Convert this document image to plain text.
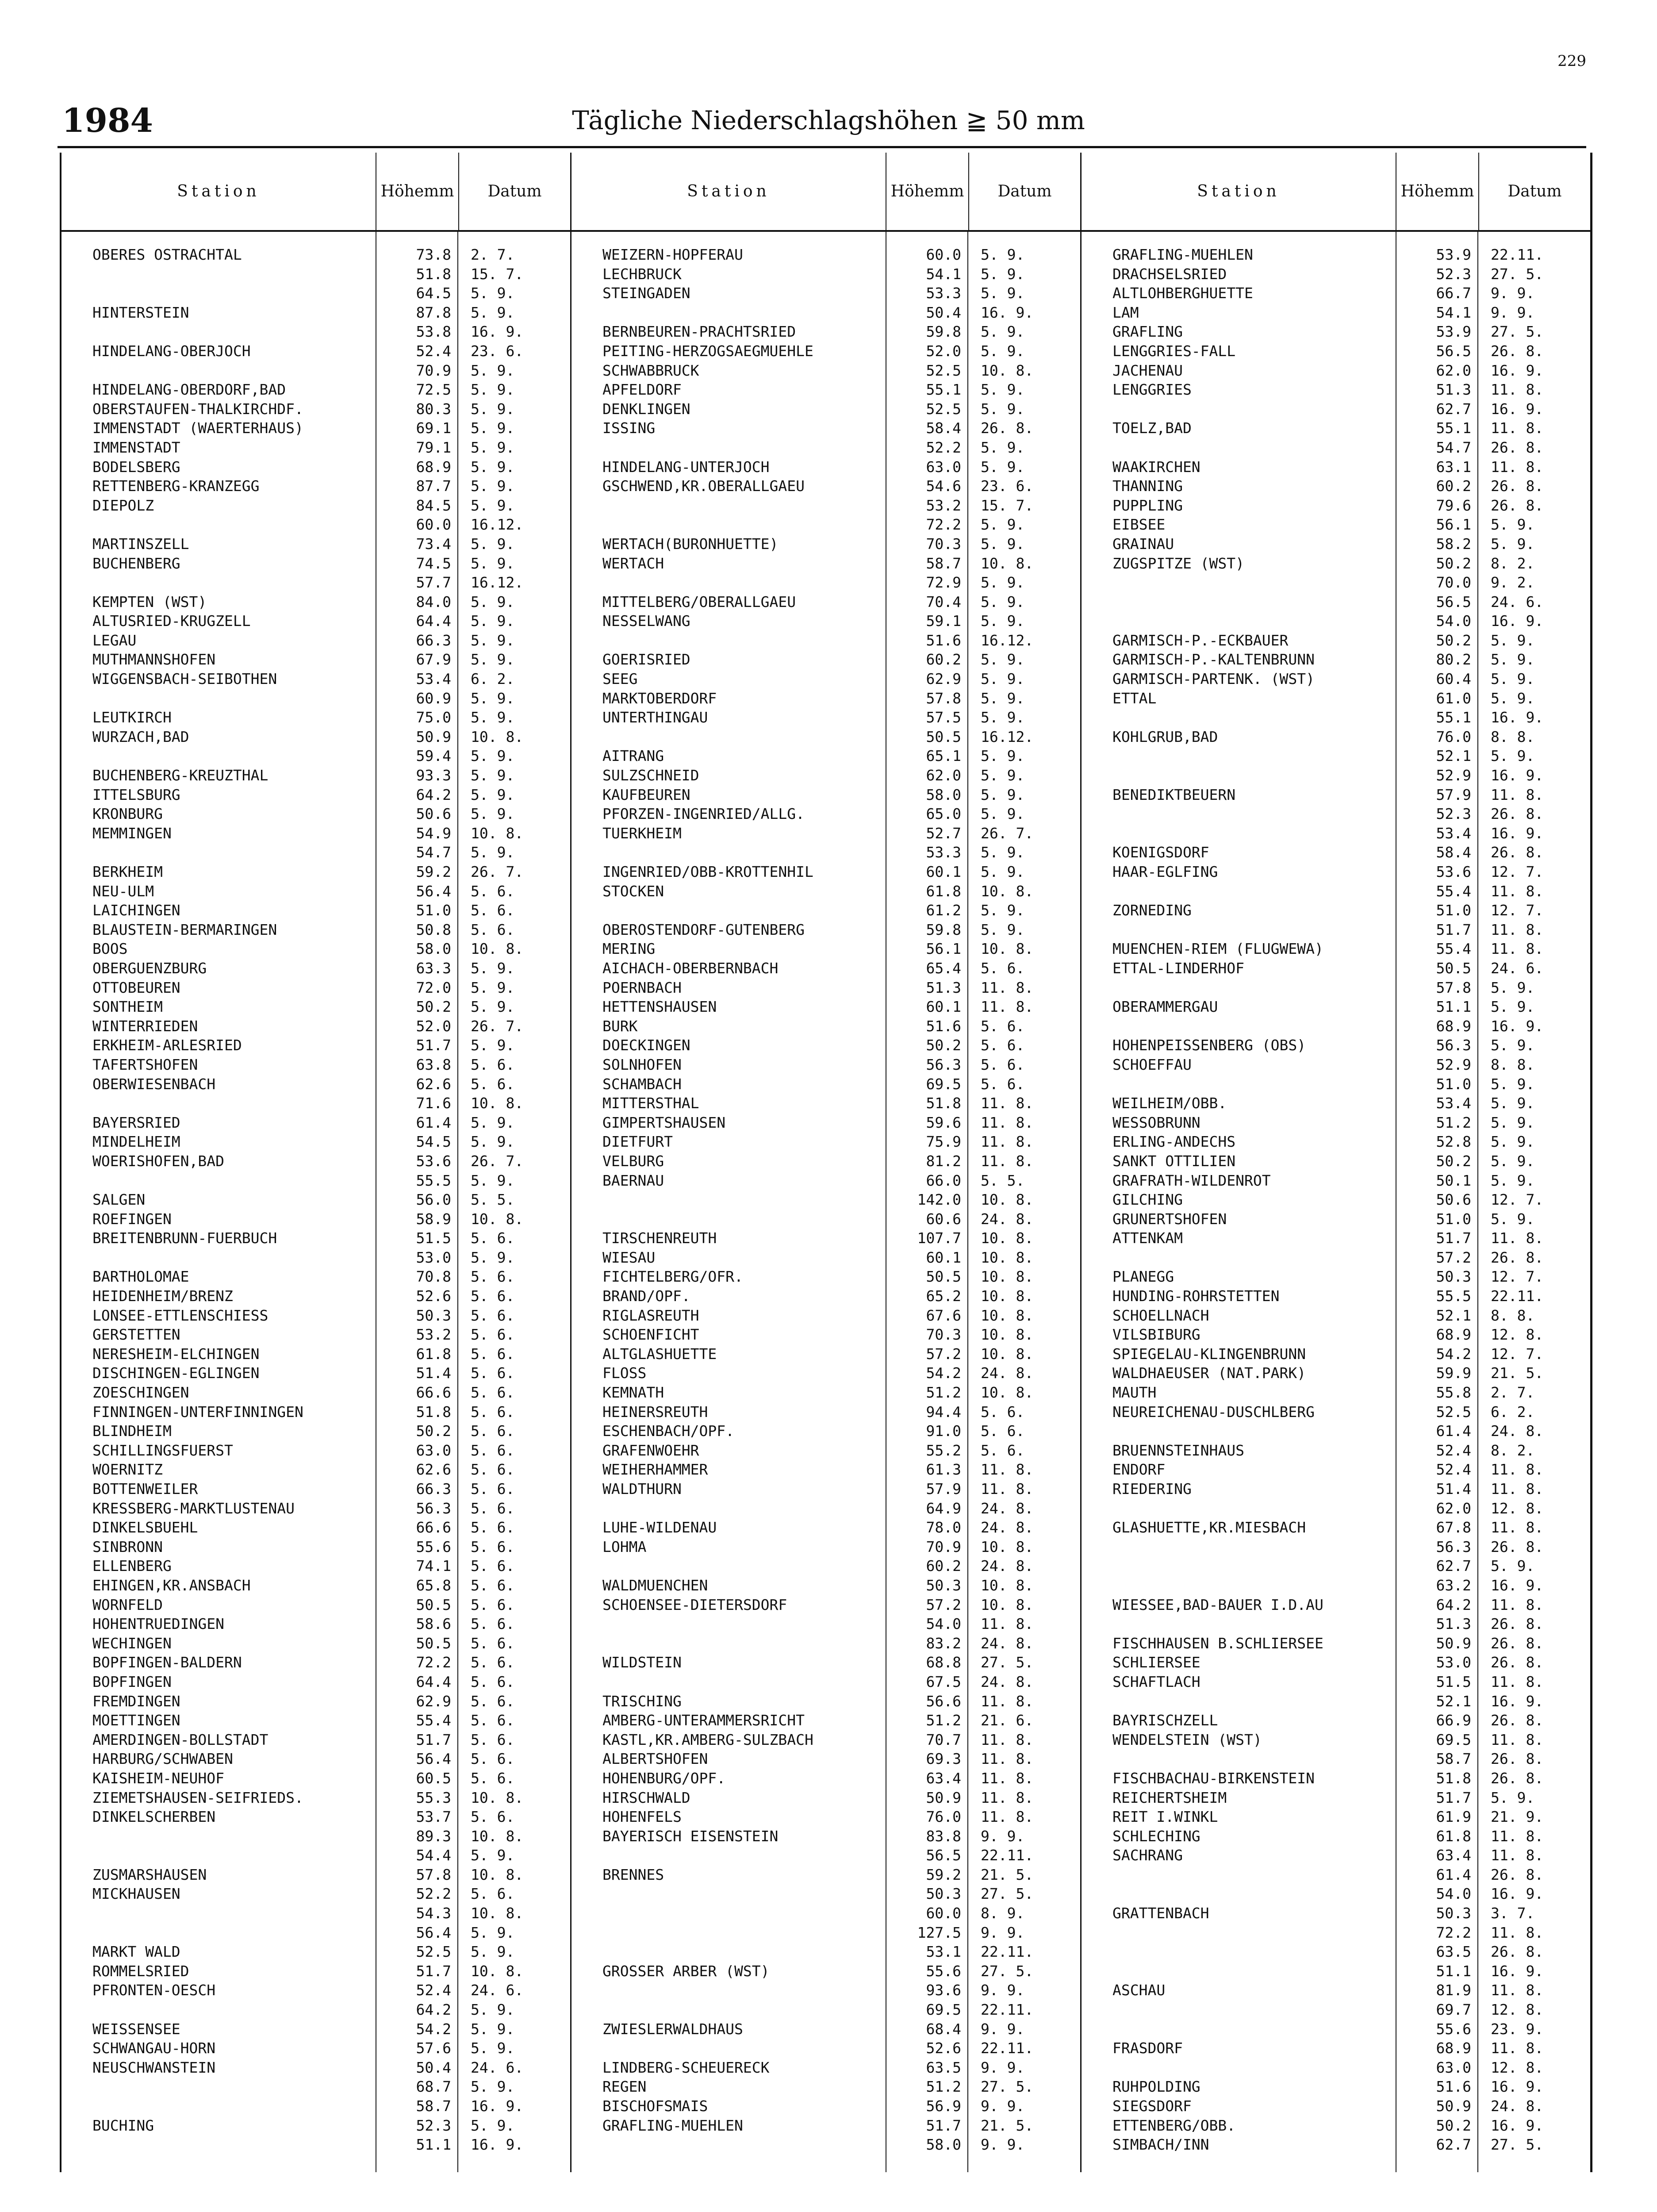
229
1984	Tägliche Niederschlagshöhen ≧ 50 mm
Station	Höhe mm	Datum
OBERES OSTRACHTAL	73.8	2. 7.
51.8	15. 7.
64.5	5. 9.
HINTERSTEIN	87.8	5. 9.
53.8	16. 9.
HINDELANG-OBERJOCH	52.4	23. 6.
70.9	5. 9.
HINDELANG-OBERDORF,BAD	72.5	5. 9.
OBERSTAUFEN-THALKIRCHDF.	80.3	5. 9.
IMMENSTADT (WAERTERHAUS)	69.1	5. 9.
IMMENSTADT	79.1	5. 9.
BODELSBERG	68.9	5. 9.
RETTENBERG-KRANZEGG	87.7	5. 9.
DIEPOLZ	84.5	5. 9.
60.0	16.12.
MARTINSZELL	73.4	5. 9.
BUCHENBERG	74.5	5. 9.
57.7	16.12.
KEMPTEN (WST)	84.0	5. 9.
ALTUSRIED-KRUGZELL	64.4	5. 9.
LEGAU	66.3	5. 9.
MUTHMANNSHOFEN	67.9	5. 9.
WIGGENSBACH-SEIBOTHEN	53.4	6. 2.
60.9	5. 9.
LEUTKIRCH	75.0	5. 9.
WURZACH,BAD	50.9	10. 8.
59.4	5. 9.
BUCHENBERG-KREUZTHAL	93.3	5. 9.
ITTELSBURG	64.2	5. 9.
KRONBURG	50.6	5. 9.
MEMMINGEN	54.9	10. 8.
54.7	5. 9.
BERKHEIM	59.2	26. 7.
NEU-ULM	56.4	5. 6.
LAICHINGEN	51.0	5. 6.
BLAUSTEIN-BERMARINGEN	50.8	5. 6.
BOOS	58.0	10. 8.
OBERGUENZBURG	63.3	5. 9.
OTTOBEUREN	72.0	5. 9.
SONTHEIM	50.2	5. 9.
WINTERRIEDEN	52.0	26. 7.
ERKHEIM-ARLESRIED	51.7	5. 9.
TAFERTSHOFEN	63.8	5. 6.
OBERWIESENBACH	62.6	5. 6.
71.6	10. 8.
BAYERSRIED	61.4	5. 9.
MINDELHEIM	54.5	5. 9.
WOERISHOFEN,BAD	53.6	26. 7.
55.5	5. 9.
SALGEN	56.0	5. 5.
ROEFINGEN	58.9	10. 8.
BREITENBRUNN-FUERBUCH	51.5	5. 6.
53.0	5. 9.
BARTHOLOMAE	70.8	5. 6.
HEIDENHEIM/BRENZ	52.6	5. 6.
LONSEE-ETTLENSCHIESS	50.3	5. 6.
GERSTETTEN	53.2	5. 6.
NERESHEIM-ELCHINGEN	61.8	5. 6.
DISCHINGEN-EGLINGEN	51.4	5. 6.
ZOESCHINGEN	66.6	5. 6.
FINNINGEN-UNTERFINNINGEN	51.8	5. 6.
BLINDHEIM	50.2	5. 6.
SCHILLINGSFUERST	63.0	5. 6.
WOERNITZ	62.6	5. 6.
BOTTENWEILER	66.3	5. 6.
KRESSBERG-MARKTLUSTENAU	56.3	5. 6.
DINKELSBUEHL	66.6	5. 6.
SINBRONN	55.6	5. 6.
ELLENBERG	74.1	5. 6.
EHINGEN,KR.ANSBACH	65.8	5. 6.
WORNFELD	50.5	5. 6.
HOHENTRUEDINGEN	58.6	5. 6.
WECHINGEN	50.5	5. 6.
BOPFINGEN-BALDERN	72.2	5. 6.
BOPFINGEN	64.4	5. 6.
FREMDINGEN	62.9	5. 6.
MOETTINGEN	55.4	5. 6.
AMERDINGEN-BOLLSTADT	51.7	5. 6.
HARBURG/SCHWABEN	56.4	5. 6.
KAISHEIM-NEUHOF	60.5	5. 6.
ZIEMETSHAUSEN-SEIFRIEDS.	55.3	10. 8.
DINKELSCHERBEN	53.7	5. 6.
89.3	10. 8.
54.4	5. 9.
ZUSMARSHAUSEN	57.8	10. 8.
MICKHAUSEN	52.2	5. 6.
54.3	10. 8.
56.4	5. 9.
MARKT WALD	52.5	5. 9.
ROMMELSRIED	51.7	10. 8.
PFRONTEN-OESCH	52.4	24. 6.
64.2	5. 9.
WEISSENSEE	54.2	5. 9.
SCHWANGAU-HORN	57.6	5. 9.
NEUSCHWANSTEIN	50.4	24. 6.
68.7	5. 9.
58.7	16. 9.
BUCHING	52.3	5. 9.
51.1	16. 9.
Station	Höhe mm	Datum
WEIZERN-HOPFERAU	60.0	5. 9.
LECHBRUCK	54.1	5. 9.
STEINGADEN	53.3	5. 9.
50.4	16. 9.
BERNBEUREN-PRACHTSRIED	59.8	5. 9.
PEITING-HERZOGSAEGMUEHLE	52.0	5. 9.
SCHWABBRUCK	52.5	10. 8.
APFELDORF	55.1	5. 9.
DENKLINGEN	52.5	5. 9.
ISSING	58.4	26. 8.
52.2	5. 9.
HINDELANG-UNTERJOCH	63.0	5. 9.
GSCHWEND,KR.OBERALLGAEU	54.6	23. 6.
53.2	15. 7.
72.2	5. 9.
WERTACH(BURONHUETTE)	70.3	5. 9.
WERTACH	58.7	10. 8.
72.9	5. 9.
MITTELBERG/OBERALLGAEU	70.4	5. 9.
NESSELWANG	59.1	5. 9.
51.6	16.12.
GOERISRIED	60.2	5. 9.
SEEG	62.9	5. 9.
MARKTOBERDORF	57.8	5. 9.
UNTERTHINGAU	57.5	5. 9.
50.5	16.12.
AITRANG	65.1	5. 9.
SULZSCHNEID	62.0	5. 9.
KAUFBEUREN	58.0	5. 9.
PFORZEN-INGENRIED/ALLG.	65.0	5. 9.
TUERKHEIM	52.7	26. 7.
53.3	5. 9.
INGENRIED/OBB-KROTTENHIL	60.1	5. 9.
STOCKEN	61.8	10. 8.
61.2	5. 9.
OBEROSTENDORF-GUTENBERG	59.8	5. 9.
MERING	56.1	10. 8.
AICHACH-OBERBERNBACH	65.4	5. 6.
POERNBACH	51.3	11. 8.
HETTENSHAUSEN	60.1	11. 8.
BURK	51.6	5. 6.
DOECKINGEN	50.2	5. 6.
SOLNHOFEN	56.3	5. 6.
SCHAMBACH	69.5	5. 6.
MITTERSTHAL	51.8	11. 8.
GIMPERTSHAUSEN	59.6	11. 8.
DIETFURT	75.9	11. 8.
VELBURG	81.2	11. 8.
BAERNAU	66.0	5. 5.
142.0	10. 8.
60.6	24. 8.
TIRSCHENREUTH	107.7	10. 8.
WIESAU	60.1	10. 8.
FICHTELBERG/OFR.	50.5	10. 8.
BRAND/OPF.	65.2	10. 8.
RIGLASREUTH	67.6	10. 8.
SCHOENFICHT	70.3	10. 8.
ALTGLASHUETTE	57.2	10. 8.
FLOSS	54.2	24. 8.
KEMNATH	51.2	10. 8.
HEINERSREUTH	94.4	5. 6.
ESCHENBACH/OPF.	91.0	5. 6.
GRAFENWOEHR	55.2	5. 6.
WEIHERHAMMER	61.3	11. 8.
WALDTHURN	57.9	11. 8.
64.9	24. 8.
LUHE-WILDENAU	78.0	24. 8.
LOHMA	70.9	10. 8.
60.2	24. 8.
WALDMUENCHEN	50.3	10. 8.
SCHOENSEE-DIETERSDORF	57.2	10. 8.
54.0	11. 8.
83.2	24. 8.
WILDSTEIN	68.8	27. 5.
67.5	24. 8.
TRISCHING	56.6	11. 8.
AMBERG-UNTERAMMERSRICHT	51.2	21. 6.
KASTL,KR.AMBERG-SULZBACH	70.7	11. 8.
ALBERTSHOFEN	69.3	11. 8.
HOHENBURG/OPF.	63.4	11. 8.
HIRSCHWALD	50.9	11. 8.
HOHENFELS	76.0	11. 8.
BAYERISCH EISENSTEIN	83.8	9. 9.
56.5	22.11.
BRENNES	59.2	21. 5.
50.3	27. 5.
60.0	8. 9.
127.5	9. 9.
53.1	22.11.
GROSSER ARBER (WST)	55.6	27. 5.
93.6	9. 9.
69.5	22.11.
ZWIESLERWALDHAUS	68.4	9. 9.
52.6	22.11.
LINDBERG-SCHEUERECK	63.5	9. 9.
REGEN	51.2	27. 5.
BISCHOFSMAIS	56.9	9. 9.
GRAFLING-MUEHLEN	51.7	21. 5.
58.0	9. 9.
Station	Höhe mm	Datum
GRAFLING-MUEHLEN	53.9	22.11.
DRACHSELSRIED	52.3	27. 5.
ALTLOHBERGHUETTE	66.7	9. 9.
LAM	54.1	9. 9.
GRAFLING	53.9	27. 5.
LENGGRIES-FALL	56.5	26. 8.
JACHENAU	62.0	16. 9.
LENGGRIES	51.3	11. 8.
62.7	16. 9.
TOELZ,BAD	55.1	11. 8.
54.7	26. 8.
WAAKIRCHEN	63.1	11. 8.
THANNING	60.2	26. 8.
PUPPLING	79.6	26. 8.
EIBSEE	56.1	5. 9.
GRAINAU	58.2	5. 9.
ZUGSPITZE (WST)	50.2	8. 2.
70.0	9. 2.
56.5	24. 6.
54.0	16. 9.
GARMISCH-P.-ECKBAUER	50.2	5. 9.
GARMISCH-P.-KALTENBRUNN	80.2	5. 9.
GARMISCH-PARTENK. (WST)	60.4	5. 9.
ETTAL	61.0	5. 9.
55.1	16. 9.
KOHLGRUB,BAD	76.0	8. 8.
52.1	5. 9.
52.9	16. 9.
BENEDIKTBEUERN	57.9	11. 8.
52.3	26. 8.
53.4	16. 9.
KOENIGSDORF	58.4	26. 8.
HAAR-EGLFING	53.6	12. 7.
55.4	11. 8.
ZORNEDING	51.0	12. 7.
51.7	11. 8.
MUENCHEN-RIEM (FLUGWEWA)	55.4	11. 8.
ETTAL-LINDERHOF	50.5	24. 6.
57.8	5. 9.
OBERAMMERGAU	51.1	5. 9.
68.9	16. 9.
HOHENPEISSENBERG (OBS)	56.3	5. 9.
SCHOEFFAU	52.9	8. 8.
51.0	5. 9.
WEILHEIM/OBB.	53.4	5. 9.
WESSOBRUNN	51.2	5. 9.
ERLING-ANDECHS	52.8	5. 9.
SANKT OTTILIEN	50.2	5. 9.
GRAFRATH-WILDENROT	50.1	5. 9.
GILCHING	50.6	12. 7.
GRUNERTSHOFEN	51.0	5. 9.
ATTENKAM	51.7	11. 8.
57.2	26. 8.
PLANEGG	50.3	12. 7.
HUNDING-ROHRSTETTEN	55.5	22.11.
SCHOELLNACH	52.1	8. 8.
VILSBIBURG	68.9	12. 8.
SPIEGELAU-KLINGENBRUNN	54.2	12. 7.
WALDHAEUSER (NAT.PARK)	59.9	21. 5.
MAUTH	55.8	2. 7.
NEUREICHENAU-DUSCHLBERG	52.5	6. 2.
61.4	24. 8.
BRUENNSTEINHAUS	52.4	8. 2.
ENDORF	52.4	11. 8.
RIEDERING	51.4	11. 8.
62.0	12. 8.
GLASHUETTE,KR.MIESBACH	67.8	11. 8.
56.3	26. 8.
62.7	5. 9.
63.2	16. 9.
WIESSEE,BAD-BAUER I.D.AU	64.2	11. 8.
51.3	26. 8.
FISCHHAUSEN B.SCHLIERSEE	50.9	26. 8.
SCHLIERSEE	53.0	26. 8.
SCHAFTLACH	51.5	11. 8.
52.1	16. 9.
BAYRISCHZELL	66.9	26. 8.
WENDELSTEIN (WST)	69.5	11. 8.
58.7	26. 8.
FISCHBACHAU-BIRKENSTEIN	51.8	26. 8.
REICHERTSHEIM	51.7	5. 9.
REIT I.WINKL	61.9	21. 9.
SCHLECHING	61.8	11. 8.
SACHRANG	63.4	11. 8.
61.4	26. 8.
54.0	16. 9.
GRATTENBACH	50.3	3. 7.
72.2	11. 8.
63.5	26. 8.
51.1	16. 9.
ASCHAU	81.9	11. 8.
69.7	12. 8.
55.6	23. 9.
FRASDORF	68.9	11. 8.
63.0	12. 8.
RUHPOLDING	51.6	16. 9.
SIEGSDORF	50.9	24. 8.
ETTENBERG/OBB.	50.2	16. 9.
SIMBACH/INN	62.7	27. 5.
